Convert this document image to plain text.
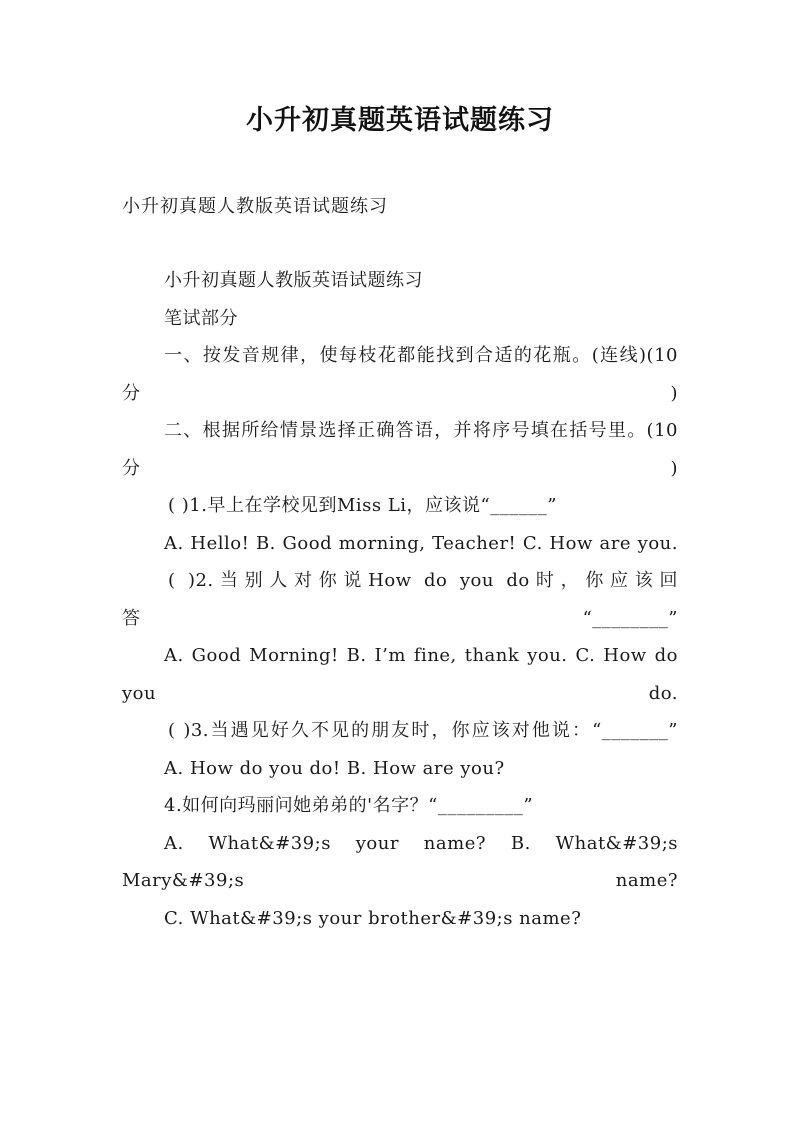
小升初真题英语试题练习
小升初真题人教版英语试题练习

小升初真题人教版英语试题练习

笔试部分

一、按发音规律，使每枝花都能找到合适的花瓶。(连线)(10分)

二、根据所给情景选择正确答语，并将序号填在括号里。(10分)

( )1.早上在学校见到Miss Li，应该说“______”

A. Hello! B. Good morning, Teacher! C. How are you.

( )2.当别人对你说How do you do时，你应该回答“________”

A. Good Morning! B. I’m fine, thank you. C. How do you do.

( )3.当遇见好久不见的朋友时，你应该对他说：“_______”

A. How do you do! B. How are you?

4.如何向玛丽问她弟弟的'名字？“_________”

A. What&#39;s your name? B. What&#39;s Mary&#39;s name?

C. What&#39;s your brother&#39;s name?
